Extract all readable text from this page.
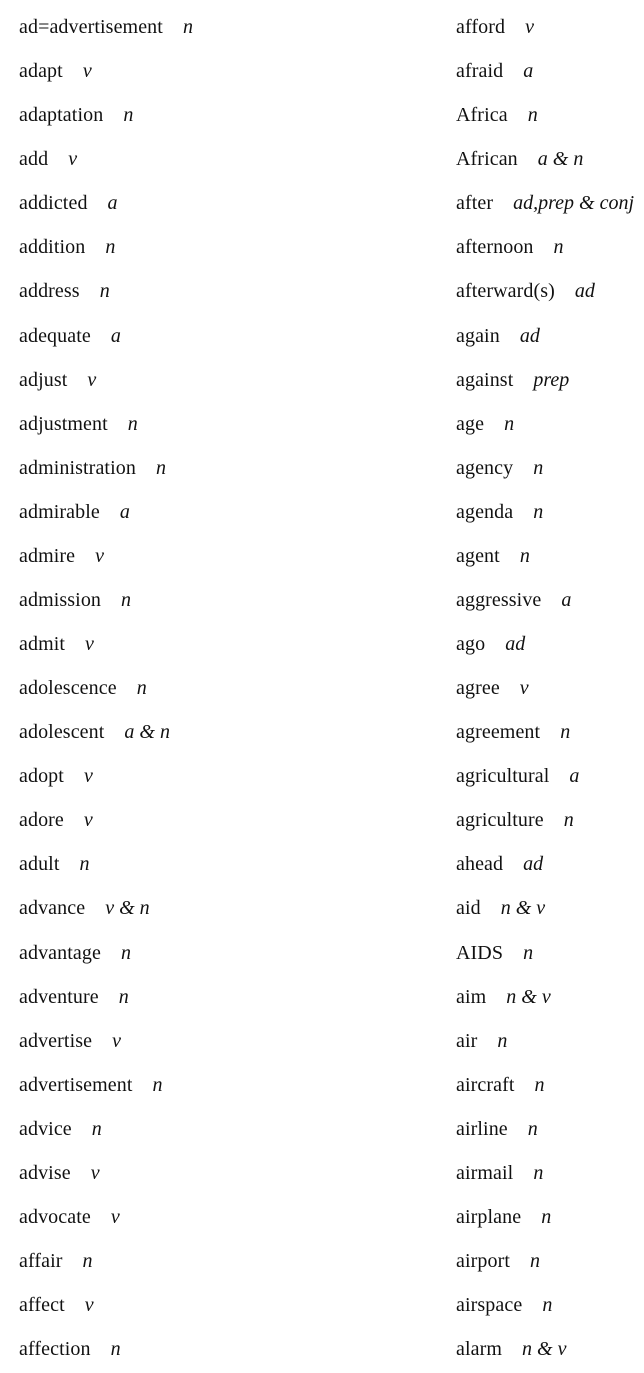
ad=advertisement n
adapt v
adaptation n
add v
addicted a
addition n
address n
adequate a
adjust v
adjustment n
administration n
admirable a
admire v
admission n
admit v
adolescence n
adolescent a & n
adopt v
adore v
adult n
advance v & n
advantage n
adventure n
advertise v
advertisement n
advice n
advise v
advocate v
affair n
affect v
affection n
afford v
afraid a
Africa n
African a & n
after ad,prep & conj
afternoon n
afterward(s) ad
again ad
against prep
age n
agency n
agenda n
agent n
aggressive a
ago ad
agree v
agreement n
agricultural a
agriculture n
ahead ad
aid n & v
AIDS n
aim n & v
air n
aircraft n
airline n
airmail n
airplane n
airport n
airspace n
alarm n & v
